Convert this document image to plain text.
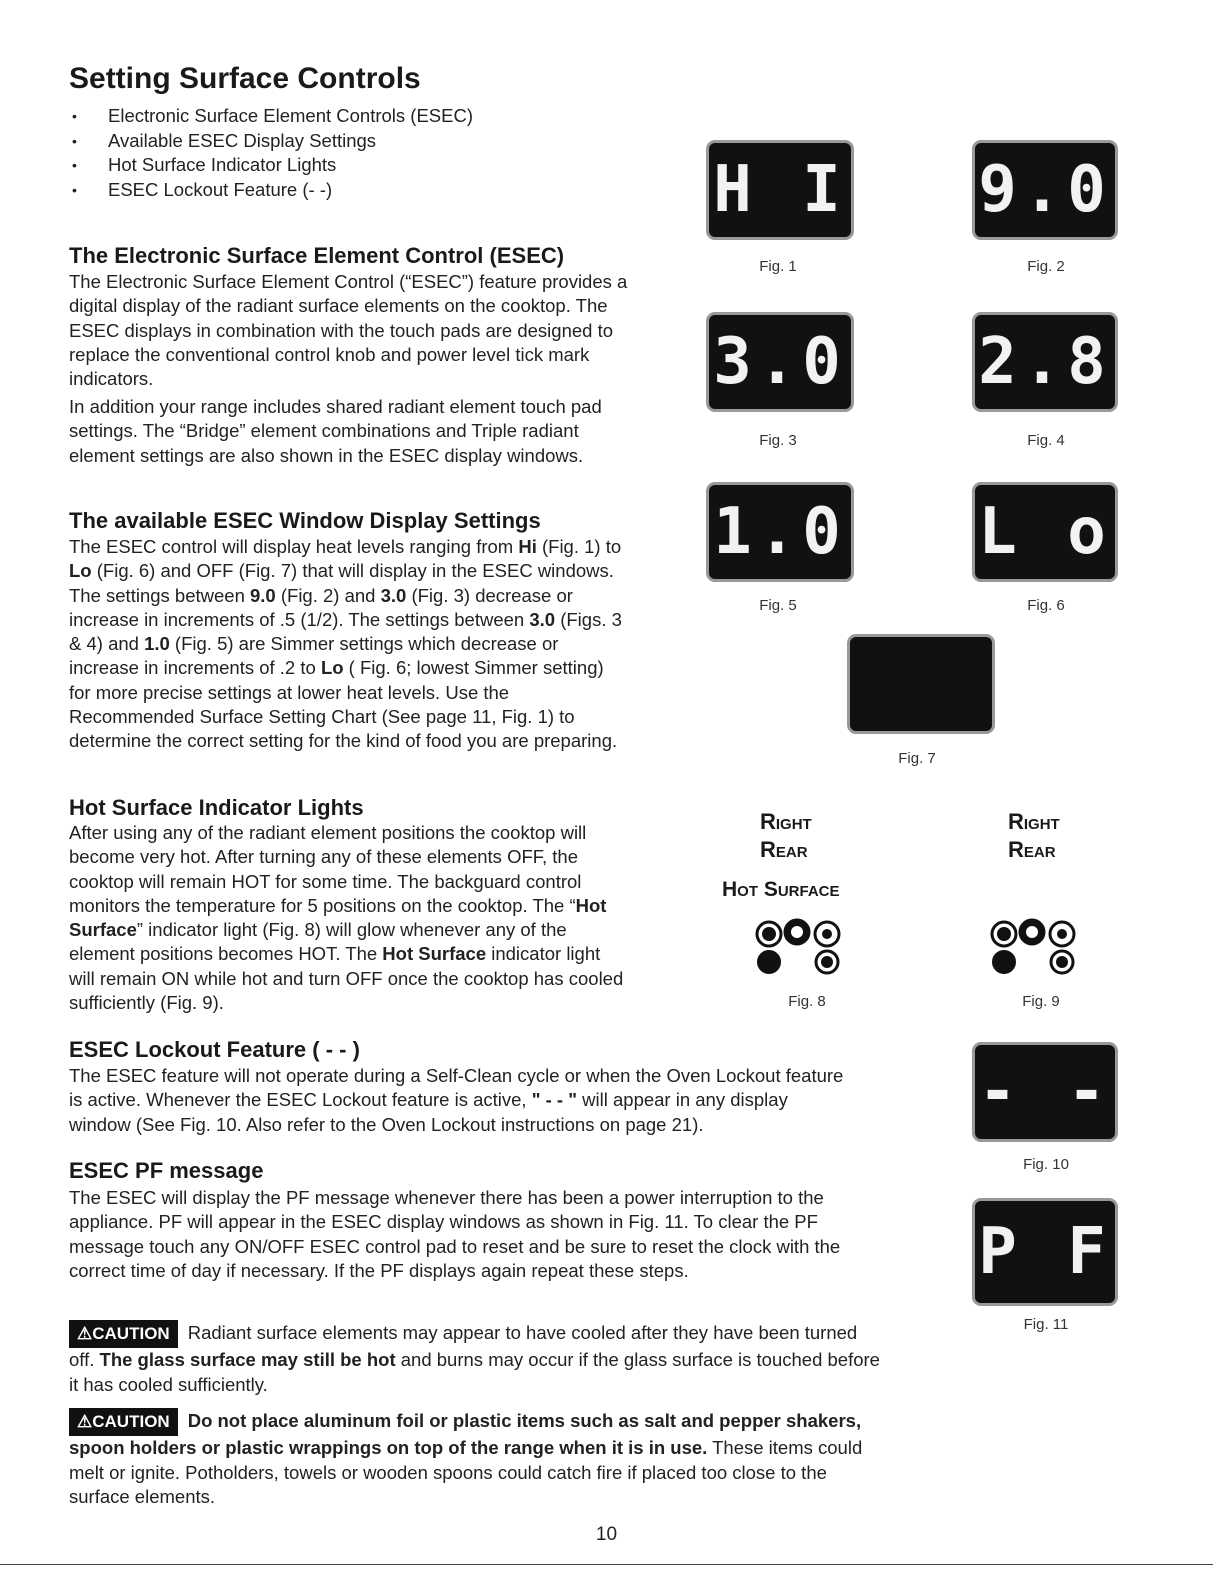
Setting Surface Controls
• Electronic Surface Element Controls (ESEC)
• Available ESEC Display Settings
• Hot Surface Indicator Lights
• ESEC Lockout Feature (- -)
The Electronic Surface Element Control (ESEC)

The Electronic Surface Element Control (“ESEC”) feature provides a digital display of the radiant surface elements on the cooktop. The ESEC displays in combination with the touch pads are designed to replace the conventional control knob and power level tick mark indicators.

In addition your range includes shared radiant element touch pad settings. The “Bridge” element combinations and Triple radiant element settings are also shown in the ESEC display windows.

The available ESEC Window Display Settings

The ESEC control will display heat levels ranging from Hi (Fig. 1) to Lo (Fig. 6) and OFF (Fig. 7) that will display in the ESEC windows. The settings between 9.0 (Fig. 2) and 3.0 (Fig. 3) decrease or increase in increments of .5 (1/2). The settings between 3.0 (Figs. 3 & 4) and 1.0 (Fig. 5) are Simmer settings which decrease or increase in increments of .2 to Lo ( Fig. 6; lowest Simmer setting) for more precise settings at lower heat levels. Use the Recommended Surface Setting Chart (See page 11, Fig. 1) to determine the correct setting for the kind of food you are preparing.

Hot Surface Indicator Lights

After using any of the radiant element positions the cooktop will become very hot. After turning any of these elements OFF, the cooktop will remain HOT for some time. The backguard control monitors the temperature for 5 positions on the cooktop. The “Hot Surface” indicator light (Fig. 8) will glow whenever any of the element positions becomes HOT. The Hot Surface indicator light will remain ON while hot and turn OFF once the cooktop has cooled sufficiently (Fig. 9).

ESEC Lockout Feature ( - - )

The ESEC feature will not operate during a Self-Clean cycle or when the Oven Lockout feature is active. Whenever the ESEC Lockout feature is active, " - - " will appear in any display window (See Fig. 10. Also refer to the Oven Lockout instructions on page 21).

ESEC PF message

The ESEC will display the PF message whenever there has been a power interruption to the appliance. PF will appear in the ESEC display windows as shown in Fig. 11. To clear the PF message touch any ON/OFF ESEC control pad to reset and be sure to reset the clock with the correct time of day if necessary. If the PF displays again repeat these steps.

⚠CAUTION Radiant surface elements may appear to have cooled after they have been turned off. The glass surface may still be hot and burns may occur if the glass surface is touched before it has cooled sufficiently.

⚠CAUTION Do not place aluminum foil or plastic items such as salt and pepper shakers, spoon holders or plastic wrappings on top of the range when it is in use. These items could melt or ignite. Potholders, towels or wooden spoons could catch fire if placed too close to the surface elements.

H I
Fig. 1
9.0
Fig. 2
3.0
Fig. 3
2.8
Fig. 4
1.0
Fig. 5
L o
Fig. 6
Fig. 7
Right
Rear
Hot Surface
Fig. 8
Right
Rear
Fig. 9
- -
Fig. 10
P F
Fig. 11
10
